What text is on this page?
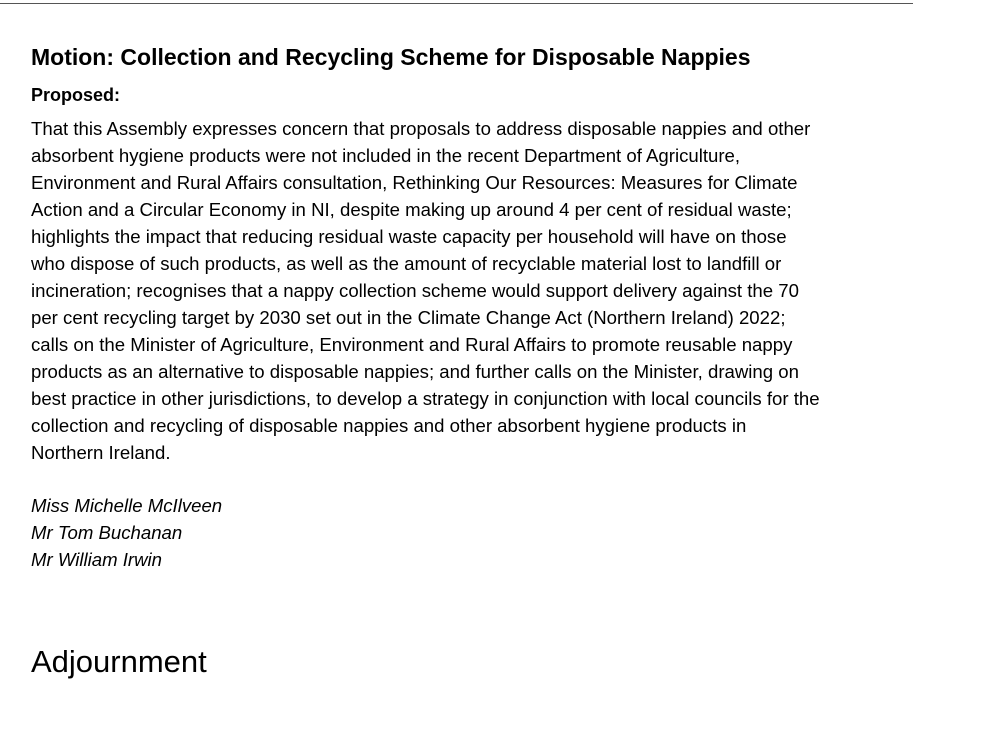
Motion: Collection and Recycling Scheme for Disposable Nappies
Proposed:

That this Assembly expresses concern that proposals to address disposable nappies and other
absorbent hygiene products were not included in the recent Department of Agriculture,
Environment and Rural Affairs consultation, Rethinking Our Resources: Measures for Climate
Action and a Circular Economy in NI, despite making up around 4 per cent of residual waste;
highlights the impact that reducing residual waste capacity per household will have on those
who dispose of such products, as well as the amount of recyclable material lost to landfill or
incineration; recognises that a nappy collection scheme would support delivery against the 70
per cent recycling target by 2030 set out in the Climate Change Act (Northern Ireland) 2022;
calls on the Minister of Agriculture, Environment and Rural Affairs to promote reusable nappy
products as an alternative to disposable nappies; and further calls on the Minister, drawing on
best practice in other jurisdictions, to develop a strategy in conjunction with local councils for the
collection and recycling of disposable nappies and other absorbent hygiene products in
Northern Ireland.

Miss Michelle McIlveen
Mr Tom Buchanan
Mr William Irwin
Adjournment
